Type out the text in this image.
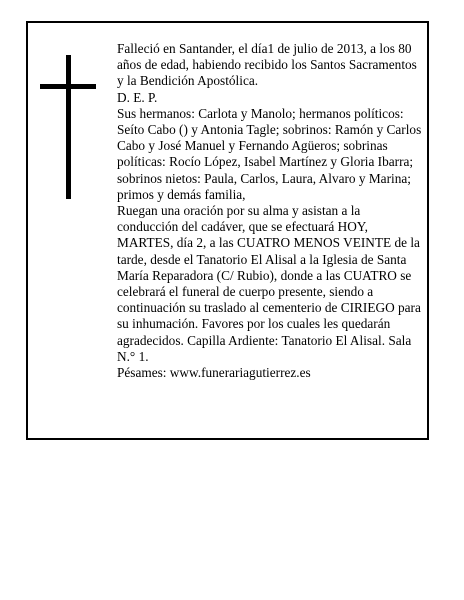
Falleció en Santander, el día1 de julio de 2013, a los 80 años de edad, habiendo recibido los Santos Sacramentos y la Bendición Apostólica.

D. E. P.

Sus hermanos: Carlota y Manolo; hermanos políticos: Seíto Cabo () y Antonia Tagle; sobrinos: Ramón y Carlos Cabo y José Manuel y Fernando Agüeros; sobrinas políticas: Rocío López, Isabel Martínez y Gloria Ibarra; sobrinos nietos: Paula, Carlos, Laura, Alvaro y Marina; primos y demás familia,

Ruegan una oración por su alma y asistan a la conducción del cadáver, que se efectuará HOY, MARTES, día 2, a las CUATRO MENOS VEINTE de la tarde, desde el Tanatorio El Alisal a la Iglesia de Santa María Reparadora (C/ Rubio), donde a las CUATRO se celebrará el funeral de cuerpo presente, siendo a continuación su traslado al cementerio de CIRIEGO para su inhumación. Favores por los cuales les quedarán agradecidos. Capilla Ardiente: Tanatorio El Alisal. Sala N.° 1.

Pésames: www.funerariagutierrez.es
